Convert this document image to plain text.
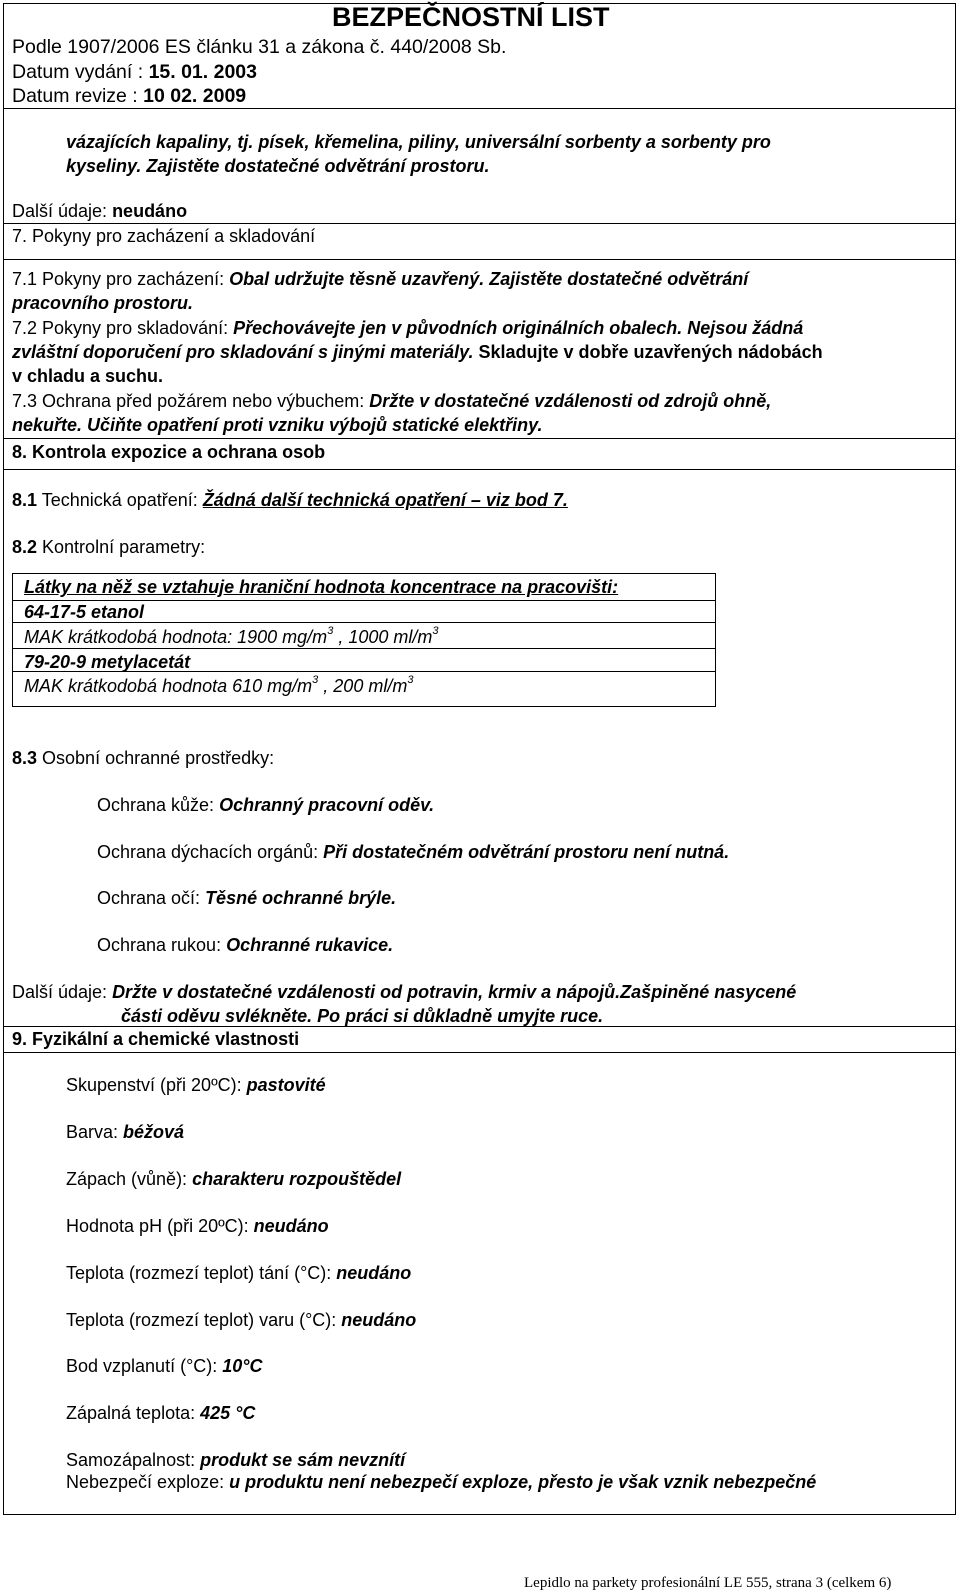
BEZPEČNOSTNÍ LIST
Podle 1907/2006 ES článku 31 a zákona č. 440/2008 Sb.
Datum vydání : 15. 01. 2003
Datum revize : 10 02. 2009
vázajících kapaliny, tj. písek, křemelina, piliny, universální sorbenty a sorbenty pro
kyseliny. Zajistěte dostatečné odvětrání prostoru.
Další údaje: neudáno
7. Pokyny pro zacházení a skladování
7.1 Pokyny pro zacházení: Obal udržujte těsně uzavřený. Zajistěte dostatečné odvětrání
pracovního prostoru.
7.2 Pokyny pro skladování: Přechovávejte jen v původních originálních obalech. Nejsou žádná
zvláštní doporučení pro skladování s jinými materiály. Skladujte v dobře uzavřených nádobách
v chladu a suchu.
7.3 Ochrana před požárem nebo výbuchem: Držte v dostatečné vzdálenosti od zdrojů ohně,
nekuřte. Učiňte opatření proti vzniku výbojů statické elektřiny.
8. Kontrola expozice a ochrana osob
8.1 Technická opatření: Žádná další technická opatření – viz bod 7.
8.2 Kontrolní parametry:
Látky na něž se vztahuje hraniční hodnota koncentrace na pracovišti:
64-17-5 etanol
MAK krátkodobá hodnota: 1900 $mg/m^3$ , 1000 $ml/m^3$
79-20-9 metylacetát
MAK krátkodobá hodnota 610 $mg/m^3$ , 200 $ml/m^3$
8.3 Osobní ochranné prostředky:
Ochrana kůže: Ochranný pracovní oděv.
Ochrana dýchacích orgánů: Při dostatečném odvětrání prostoru není nutná.
Ochrana očí: Těsné ochranné brýle.
Ochrana rukou: Ochranné rukavice.
Další údaje: Držte v dostatečné vzdálenosti od potravin, krmiv a nápojů.Zašpiněné nasycené
části oděvu svlékněte. Po práci si důkladně umyjte ruce.
9. Fyzikální a chemické vlastnosti
Skupenství (při 20ºC): pastovité
Barva: béžová
Zápach (vůně): charakteru rozpouštědel
Hodnota pH (při 20ºC): neudáno
Teplota (rozmezí teplot) tání (°C): neudáno
Teplota (rozmezí teplot) varu (°C): neudáno
Bod vzplanutí (°C): 10°C
Zápalná teplota: 425 °C
Samozápalnost: produkt se sám nevznítí
Nebezpečí exploze: u produktu není nebezpečí exploze, přesto je však vznik nebezpečné
Lepidlo na parkety profesionální LE 555, strana 3 (celkem 6)
